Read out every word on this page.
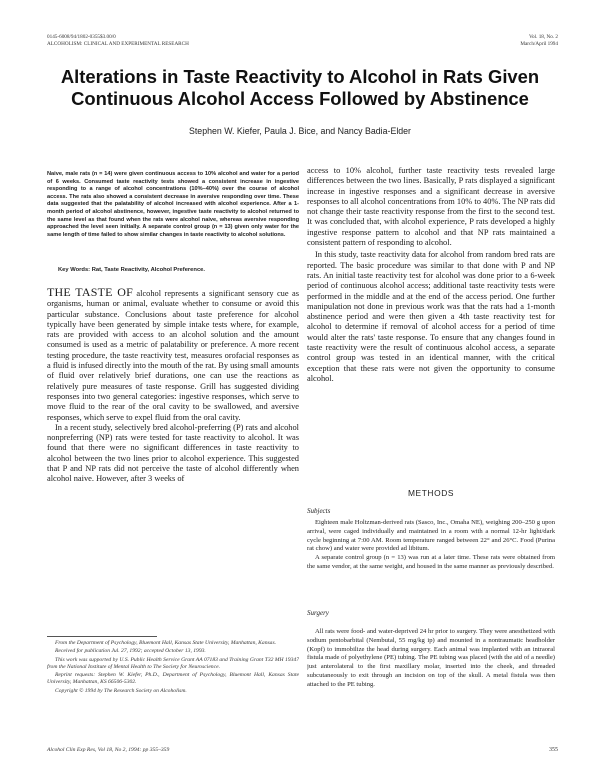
0145-6008/94/1802-0355$3.00/0
ALCOHOLISM: CLINICAL AND EXPERIMENTAL RESEARCH
Vol. 18, No. 2
March/April 1994
Alterations in Taste Reactivity to Alcohol in Rats Given
Continuous Alcohol Access Followed by Abstinence
Stephen W. Kiefer, Paula J. Bice, and Nancy Badia-Elder
Naive, male rats (n = 14) were given continuous access to 10% alcohol and water for a period of 6 weeks. Consumed taste reactivity tests showed a consistent increase in ingestive responding to a range of alcohol concentrations (10%–40%) over the course of alcohol access. The rats also showed a consistent decrease in aversive responding over time. These data suggested that the palatability of alcohol increased with alcohol experience. After a 1-month period of alcohol abstinence, however, ingestive taste reactivity to alcohol returned to the same level as that found when the rats were alcohol naive, whereas aversive responding approached the level seen initially. A separate control group (n = 13) given only water for the same length of time failed to show similar changes in taste reactivity to alcohol solutions.
Key Words: Rat, Taste Reactivity, Alcohol Preference.

THE TASTE OF alcohol represents a significant sensory cue as organisms, human or animal, evaluate whether to consume or avoid this particular substance. Conclusions about taste preference for alcohol typically have been generated by simple intake tests where, for example, rats are provided with access to an alcohol solution and the amount consumed is used as a metric of palatability or preference. A more recent testing procedure, the taste reactivity test, measures orofacial responses as a fluid is infused directly into the mouth of the rat. By using small amounts of fluid over relatively brief durations, one can use the reactions as relatively pure measures of taste response. Grill has suggested dividing responses into two general categories: ingestive responses, which serve to move fluid to the rear of the oral cavity to be swallowed, and aversive responses, which serve to expel fluid from the oral cavity.

In a recent study, selectively bred alcohol-preferring (P) rats and alcohol nonpreferring (NP) rats were tested for taste reactivity to alcohol. It was found that there were no significant differences in taste reactivity to alcohol between the two lines prior to alcohol experience. This suggested that P and NP rats did not perceive the taste of alcohol differently when alcohol naive. However, after 3 weeks of

From the Department of Psychology, Bluemont Hall, Kansas State University, Manhattan, Kansas.

Received for publication Jul. 27, 1992; accepted October 13, 1993.

This work was supported by U.S. Public Health Service Grant AA 07183 and Training Grant T32 MH 19347 from the National Institute of Mental Health to The Society for Neuroscience.

Reprint requests: Stephen W. Kiefer, Ph.D., Department of Psychology, Bluemont Hall, Kansas State University, Manhattan, KS 66506-5302.

Copyright © 1994 by The Research Society on Alcoholism.

access to 10% alcohol, further taste reactivity tests revealed large differences between the two lines. Basically, P rats displayed a significant increase in ingestive responses and a significant decrease in aversive responses to all alcohol concentrations from 10% to 40%. The NP rats did not change their taste reactivity response from the first to the second test. It was concluded that, with alcohol experience, P rats developed a highly ingestive response pattern to alcohol and that NP rats maintained a consistent pattern of responding to alcohol.

In this study, taste reactivity data for alcohol from random bred rats are reported. The basic procedure was similar to that done with P and NP rats. An initial taste reactivity test for alcohol was done prior to a 6-week period of continuous alcohol access; additional taste reactivity tests were performed in the middle and at the end of the access period. One further manipulation not done in previous work was that the rats had a 1-month abstinence period and were then given a 4th taste reactivity test for alcohol to determine if removal of alcohol access for a period of time would alter the rats' taste response. To ensure that any changes found in taste reactivity were the result of continuous alcohol access, a separate control group was tested in an identical manner, with the critical exception that these rats were not given the opportunity to consume alcohol.

METHODS
Subjects

Eighteen male Holtzman-derived rats (Sasco, Inc., Omaha NE), weighing 200–250 g upon arrival, were caged individually and maintained in a room with a normal 12-hr light/dark cycle beginning at 7:00 AM. Room temperature ranged between 22° and 26°C. Food (Purina rat chow) and water were provided ad libitum.

A separate control group (n = 13) was run at a later time. These rats were obtained from the same vendor, at the same weight, and housed in the same manner as previously described.

Surgery

All rats were food- and water-deprived 24 hr prior to surgery. They were anesthetized with sodium pentobarbital (Nembutal, 55 mg/kg ip) and mounted in a nontraumatic headholder (Kopf) to immobilize the head during surgery. Each animal was implanted with an intraoral fistula made of polyethylene (PE) tubing. The PE tubing was placed (with the aid of a needle) just anterolateral to the first maxillary molar, inserted into the cheek, and threaded subcutaneously to exit through an incision on top of the skull. A metal fistula was then attached to the PE tubing.

Alcohol Clin Exp Res, Vol 18, No 2, 1994: pp 355–359	355
